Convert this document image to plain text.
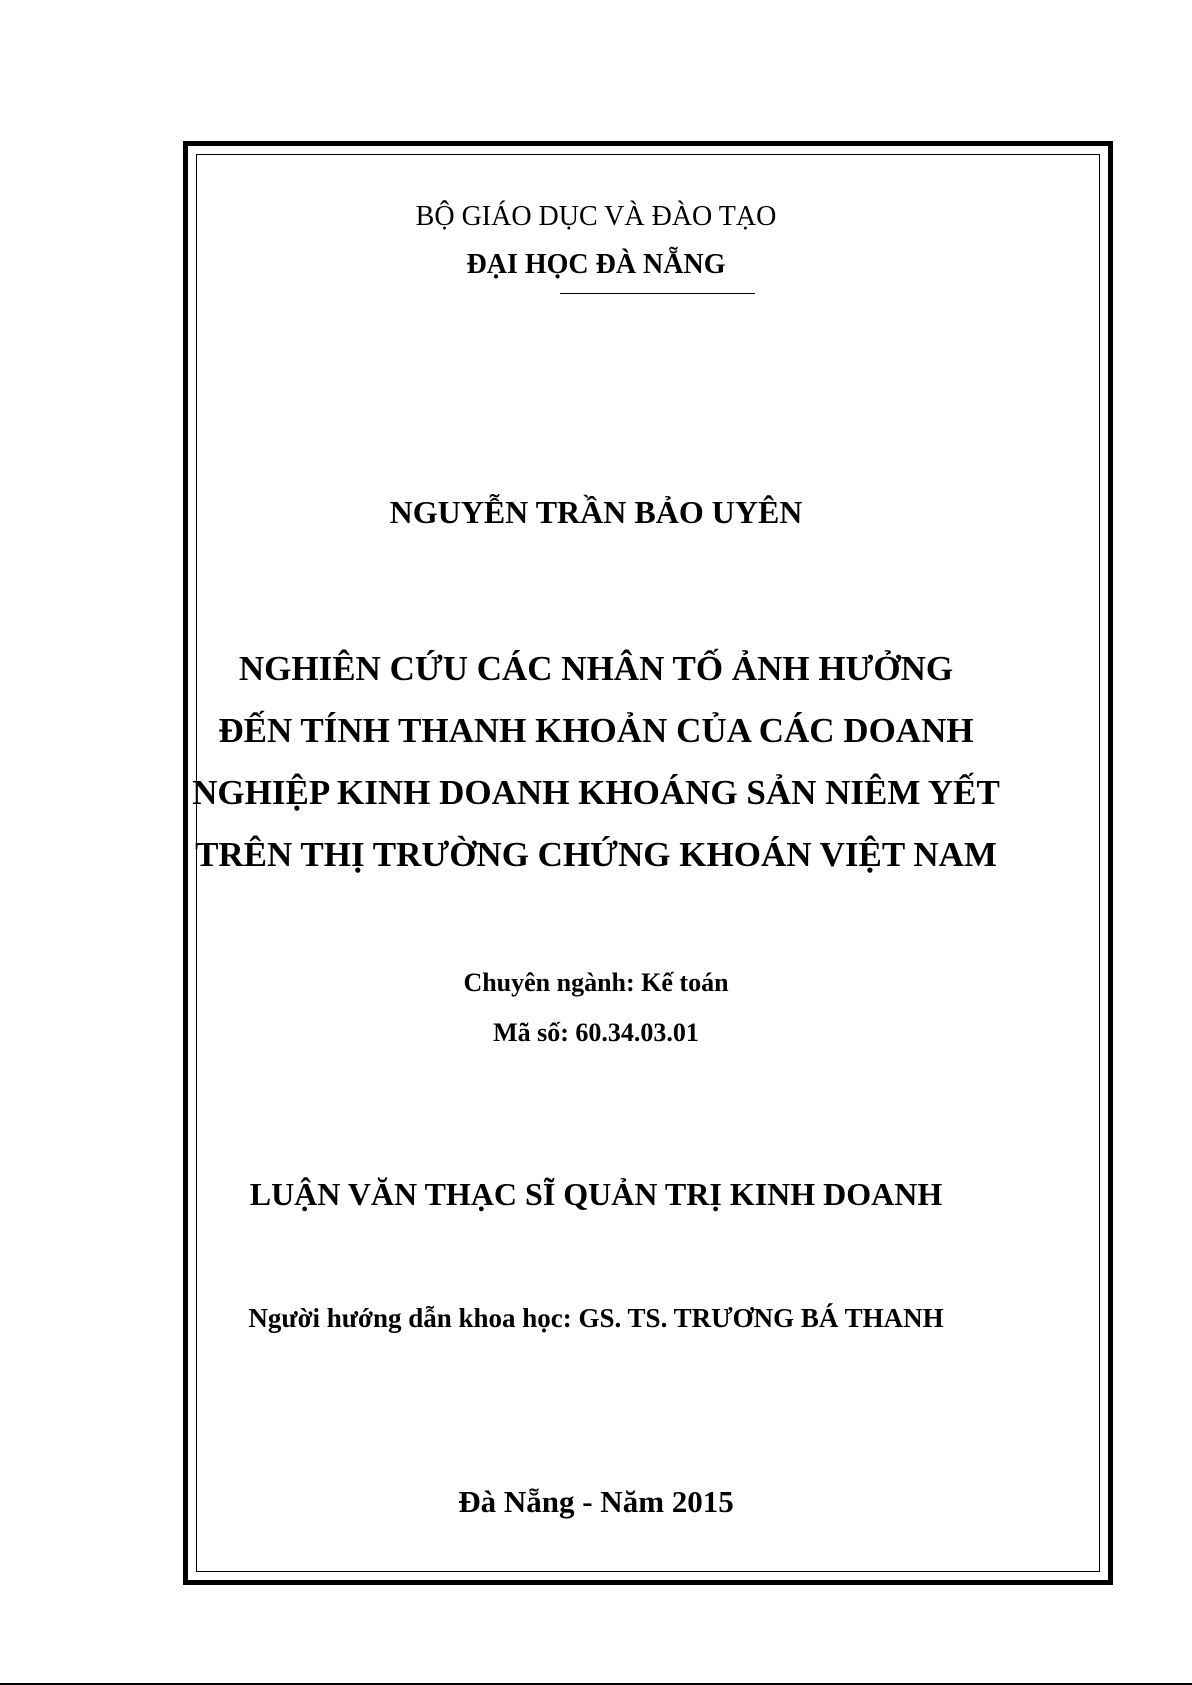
BỘ GIÁO DỤC VÀ ĐÀO TẠO
ĐẠI HỌC ĐÀ NẴNG
NGUYỄN TRẦN BẢO UYÊN
NGHIÊN CỨU CÁC NHÂN TỐ ẢNH HƯỞNG
ĐẾN TÍNH THANH KHOẢN CỦA CÁC DOANH
NGHIỆP KINH DOANH KHOÁNG SẢN NIÊM YẾT
TRÊN THỊ TRƯỜNG CHỨNG KHOÁN VIỆT NAM
Chuyên ngành: Kế toán
Mã số: 60.34.03.01
LUẬN VĂN THẠC SĨ QUẢN TRỊ KINH DOANH
Người hướng dẫn khoa học: GS. TS. TRƯƠNG BÁ THANH
Đà Nẵng - Năm 2015
